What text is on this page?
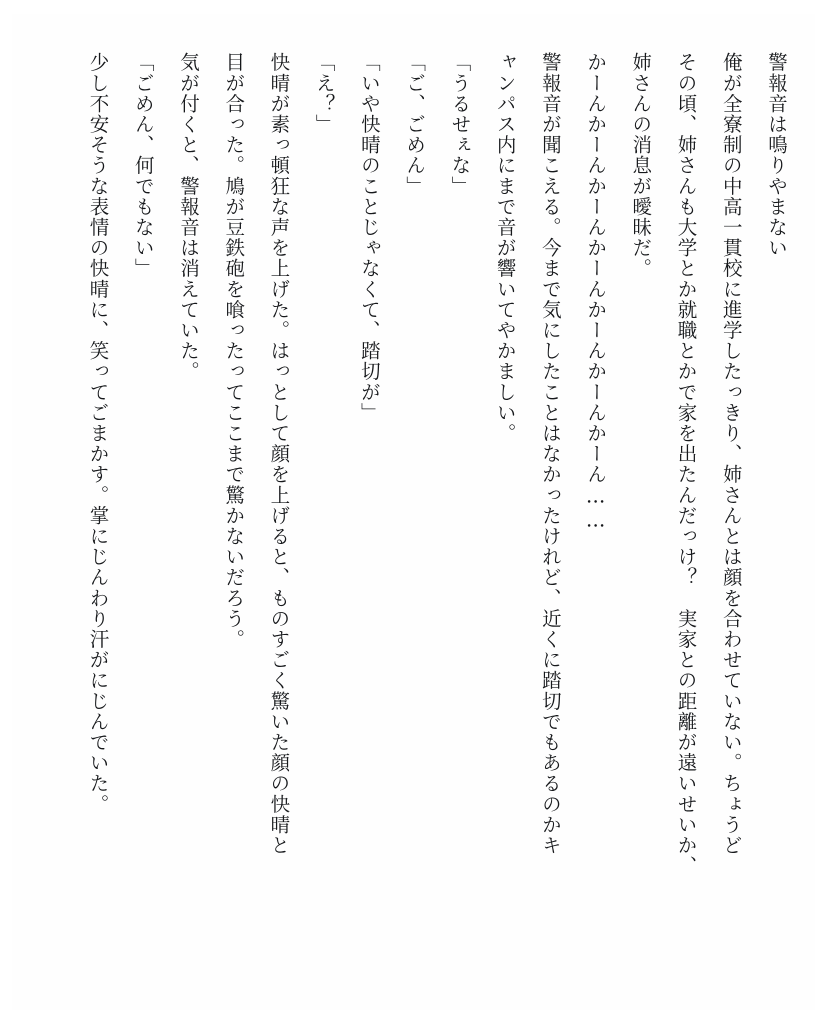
警報音は鳴りやまない

俺が全寮制の中高一貫校に進学したっきり、姉さんとは顔を合わせていない。ちょうど

その頃、姉さんも大学とか就職とかで家を出たんだっけ？　実家との距離が遠いせいか、

姉さんの消息が曖昧だ。

かーんかーんかーんかーんかーんかーんかーん……

警報音が聞こえる。今まで気にしたことはなかったけれど、近くに踏切でもあるのかキ

ャンパス内にまで音が響いてやかましい。

「うるせぇな」

「ご、ごめん」

「いや快晴のことじゃなくて、踏切が」

「え？」

快晴が素っ頓狂な声を上げた。はっとして顔を上げると、ものすごく驚いた顔の快晴と

目が合った。鳩が豆鉄砲を喰ったってここまで驚かないだろう。

気が付くと、警報音は消えていた。

「ごめん、何でもない」

少し不安そうな表情の快晴に、笑ってごまかす。掌にじんわり汗がにじんでいた。
